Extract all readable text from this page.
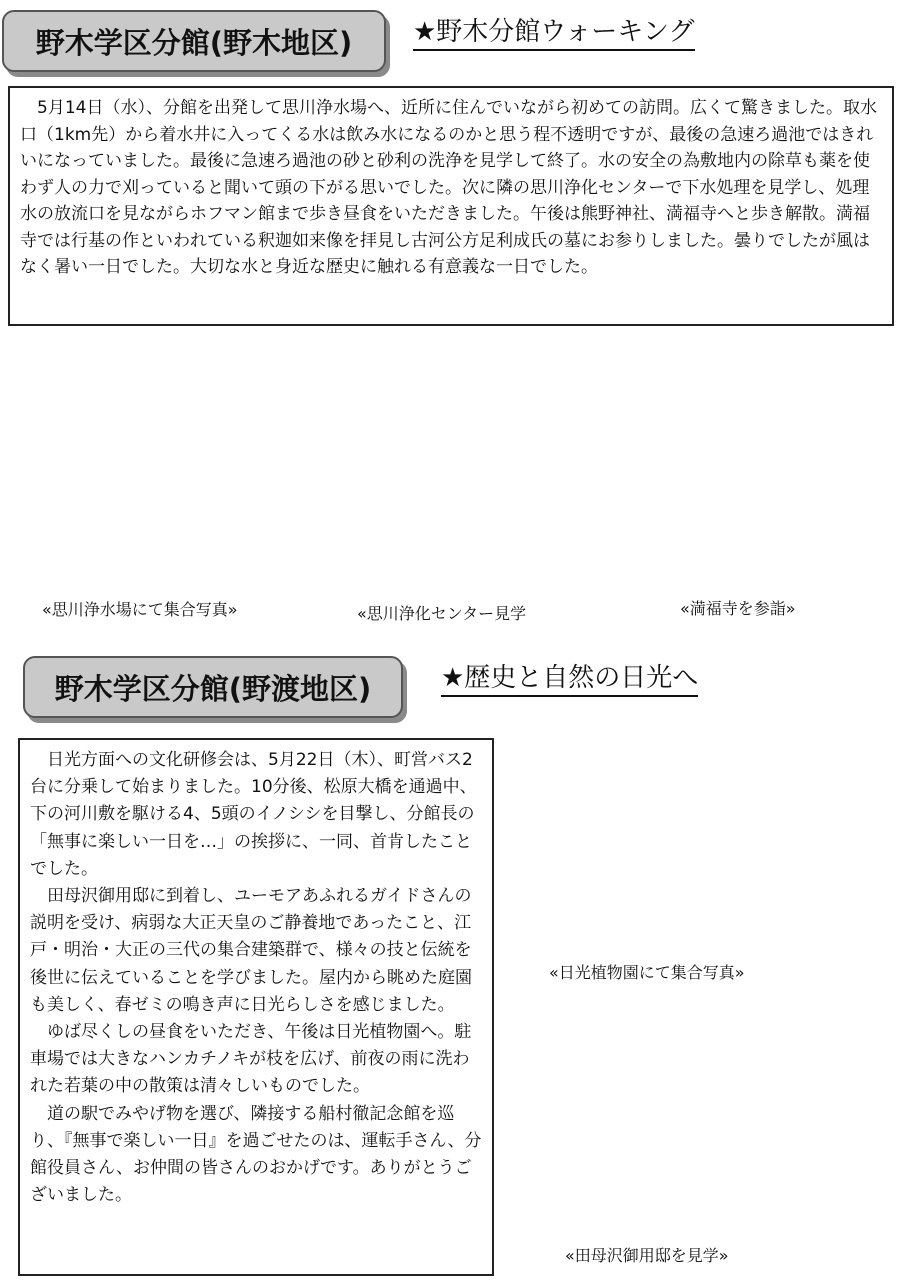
野木学区分館(野木地区)	★野木分館ウォーキング

5月14日（水）、分館を出発して思川浄水場へ、近所に住んでいながら初めての訪問。広くて驚きました。取水口（1km先）から着水井に入ってくる水は飲み水になるのかと思う程不透明ですが、最後の急速ろ過池ではきれいになっていました。最後に急速ろ過池の砂と砂利の洗浄を見学して終了。水の安全の為敷地内の除草も薬を使わず人の力で刈っていると聞いて頭の下がる思いでした。次に隣の思川浄化センターで下水処理を見学し、処理水の放流口を見ながらホフマン館まで歩き昼食をいただきました。午後は熊野神社、満福寺へと歩き解散。満福寺では行基の作といわれている釈迦如来像を拝見し古河公方足利成氏の墓にお参りしました。曇りでしたが風はなく暑い一日でした。大切な水と身近な歴史に触れる有意義な一日でした。

«思川浄水場にて集合写真»	«思川浄化センター見学	«満福寺を参詣»
野木学区分館(野渡地区)	★歴史と自然の日光へ

日光方面への文化研修会は、5月22日（木）、町営バス2台に分乗して始まりました。10分後、松原大橋を通過中、下の河川敷を駆ける4、5頭のイノシシを目撃し、分館長の「無事に楽しい一日を…」の挨拶に、一同、首肯したことでした。

田母沢御用邸に到着し、ユーモアあふれるガイドさんの説明を受け、病弱な大正天皇のご静養地であったこと、江戸・明治・大正の三代の集合建築群で、様々の技と伝統を後世に伝えていることを学びました。屋内から眺めた庭園も美しく、春ゼミの鳴き声に日光らしさを感じました。

ゆば尽くしの昼食をいただき、午後は日光植物園へ。駐車場では大きなハンカチノキが枝を広げ、前夜の雨に洗われた若葉の中の散策は清々しいものでした。

道の駅でみやげ物を選び、隣接する船村徹記念館を巡り、『無事で楽しい一日』を過ごせたのは、運転手さん、分館役員さん、お仲間の皆さんのおかげです。ありがとうございました。

«日光植物園にて集合写真»
«田母沢御用邸を見学»
